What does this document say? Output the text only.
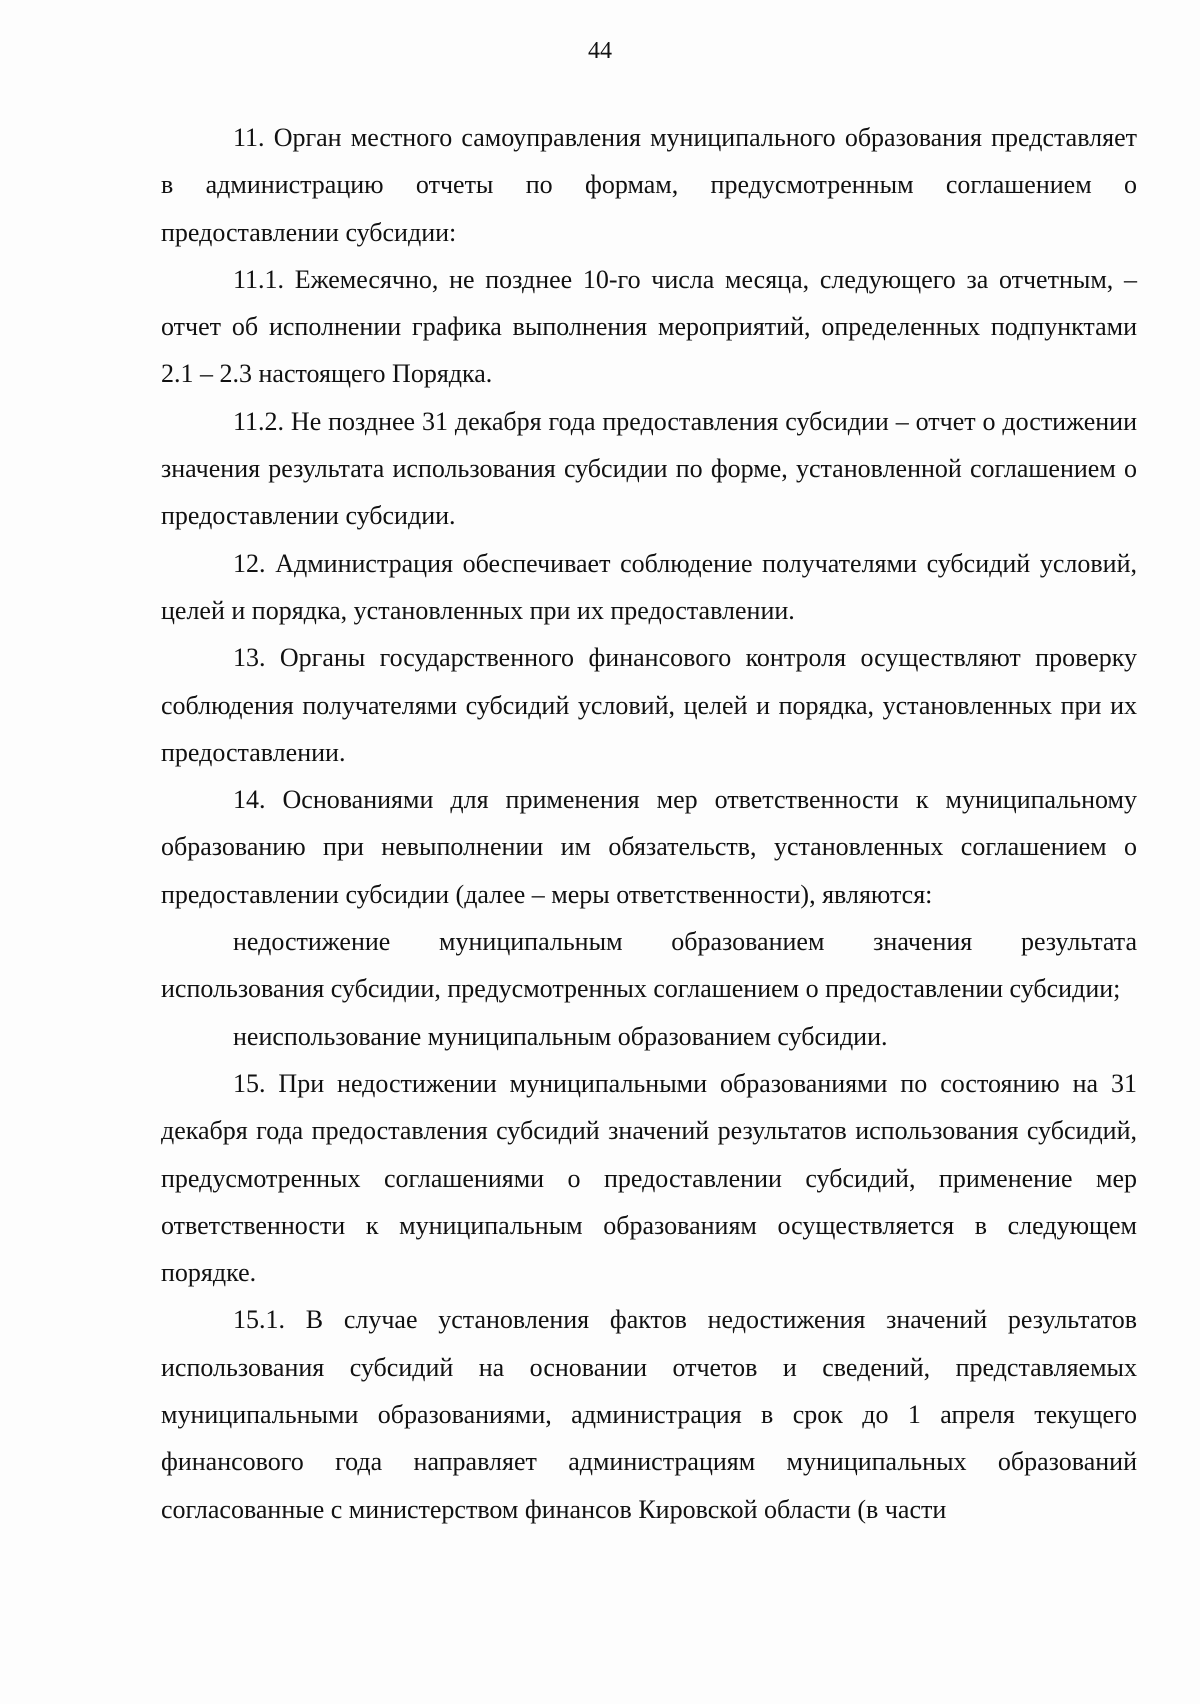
44

11. Орган местного самоуправления муниципального образования представляет в администрацию отчеты по формам, предусмотренным соглашением о предоставлении субсидии:

11.1. Ежемесячно, не позднее 10-го числа месяца, следующего за отчетным, – отчет об исполнении графика выполнения мероприятий, определенных подпунктами 2.1 – 2.3 настоящего Порядка.

11.2. Не позднее 31 декабря года предоставления субсидии – отчет о достижении значения результата использования субсидии по форме, установленной соглашением о предоставлении субсидии.

12. Администрация обеспечивает соблюдение получателями субсидий условий, целей и порядка, установленных при их предоставлении.

13. Органы государственного финансового контроля осуществляют проверку соблюдения получателями субсидий условий, целей и порядка, установленных при их предоставлении.

14. Основаниями для применения мер ответственности к муниципальному образованию при невыполнении им обязательств, установленных соглашением о предоставлении субсидии (далее – меры ответственности), являются:

недостижение муниципальным образованием значения результата использования субсидии, предусмотренных соглашением о предоставлении субсидии;

неиспользование муниципальным образованием субсидии.

15. При недостижении муниципальными образованиями по состоянию на 31 декабря года предоставления субсидий значений результатов использования субсидий, предусмотренных соглашениями о предоставлении субсидий, применение мер ответственности к муниципальным образованиям осуществляется в следующем порядке.

15.1. В случае установления фактов недостижения значений результатов использования субсидий на основании отчетов и сведений, представляемых муниципальными образованиями, администрация в срок до 1 апреля текущего финансового года направляет администрациям муниципальных образований согласованные с министерством финансов Кировской области (в части
